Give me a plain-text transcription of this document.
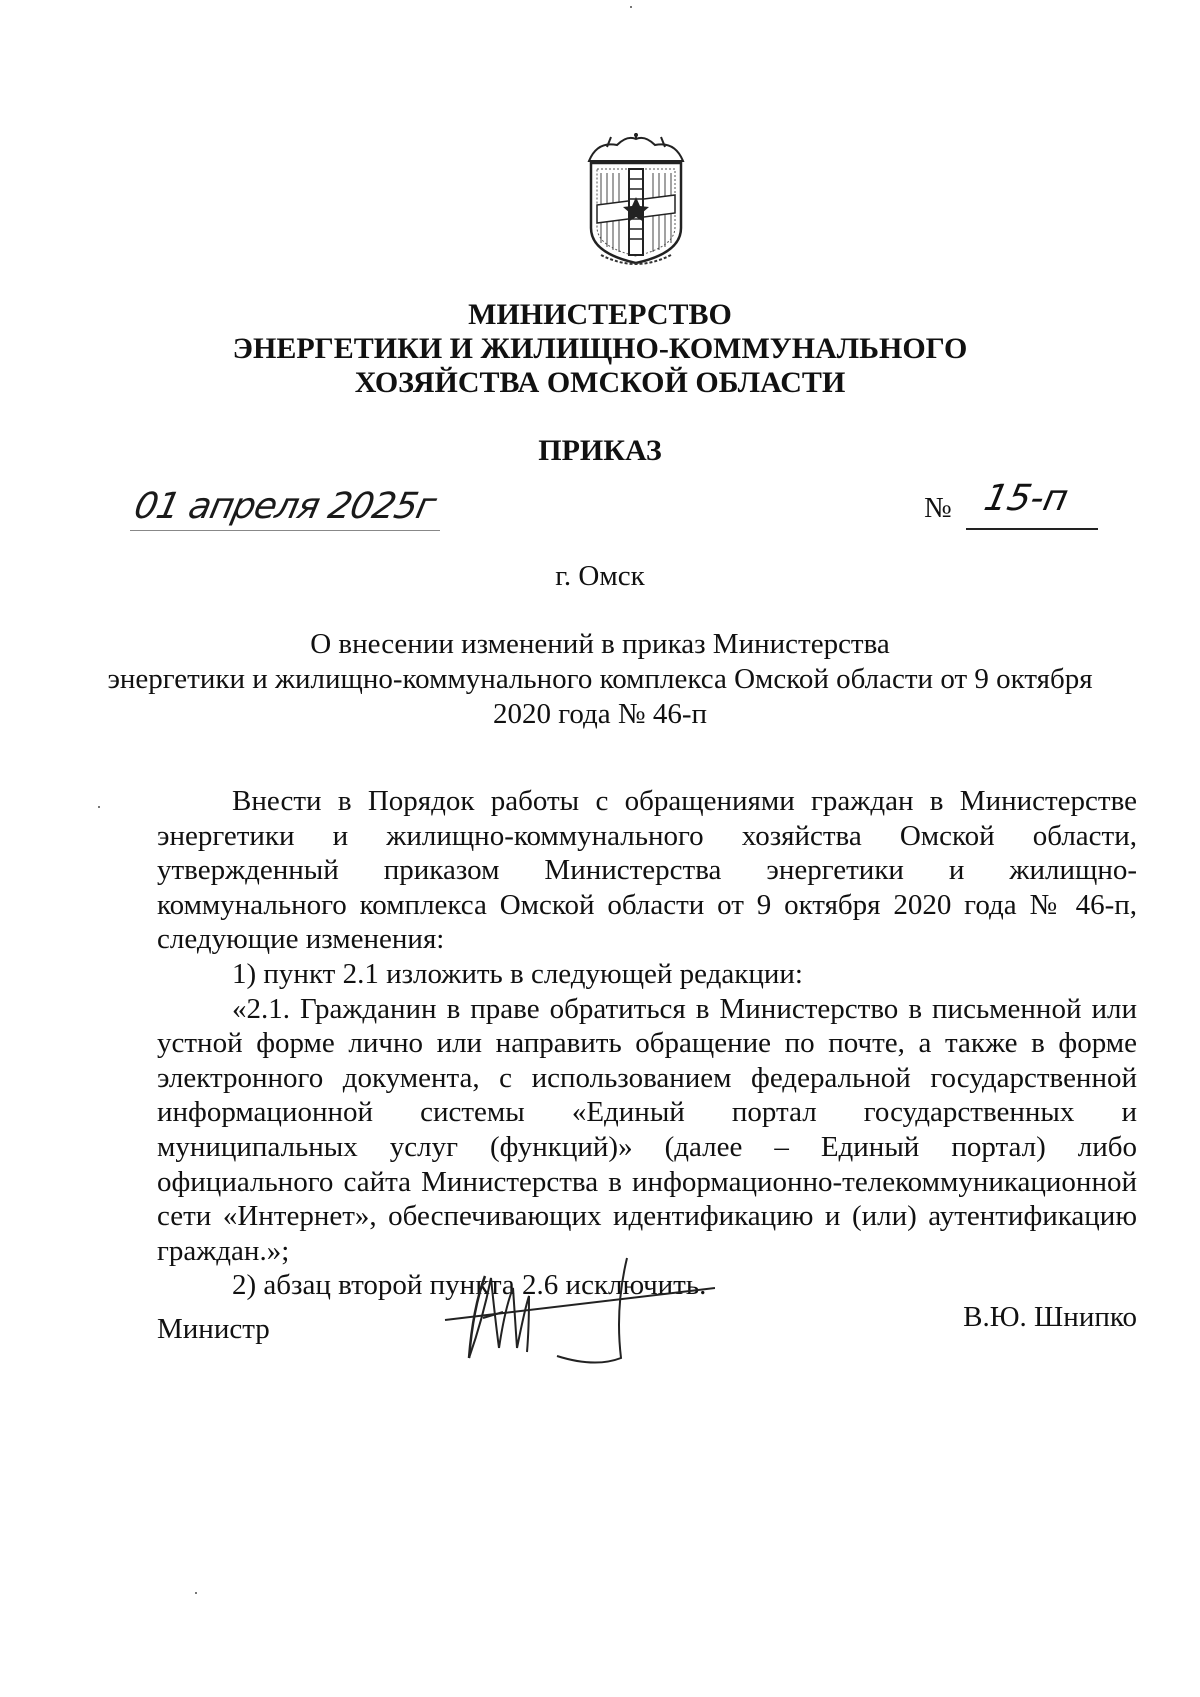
МИНИСТЕРСТВО
ЭНЕРГЕТИКИ И ЖИЛИЩНО-КОММУНАЛЬНОГО
ХОЗЯЙСТВА ОМСКОЙ ОБЛАСТИ
ПРИКАЗ
01 апреля 2025г	№ 15-п
г. Омск
О внесении изменений в приказ Министерства
энергетики и жилищно-коммунального комплекса Омской области от 9 октября
2020 года № 46-п

Внести в Порядок работы с обращениями граждан в Министерстве энергетики и жилищно-коммунального хозяйства Омской области, утвержденный приказом Министерства энергетики и жилищно-коммунального комплекса Омской области от 9 октября 2020 года № 46-п, следующие изменения:

1) пункт 2.1 изложить в следующей редакции:

«2.1. Гражданин в праве обратиться в Министерство в письменной или устной форме лично или направить обращение по почте, а также в форме электронного документа, с использованием федеральной государственной информационной системы «Единый портал государственных и муниципальных услуг (функций)» (далее – Единый портал) либо официального сайта Министерства в информационно-телекоммуникационной сети «Интернет», обеспечивающих идентификацию и (или) аутентификацию граждан.»;

2) абзац второй пункта 2.6 исключить.

Министр	В.Ю. Шнипко
